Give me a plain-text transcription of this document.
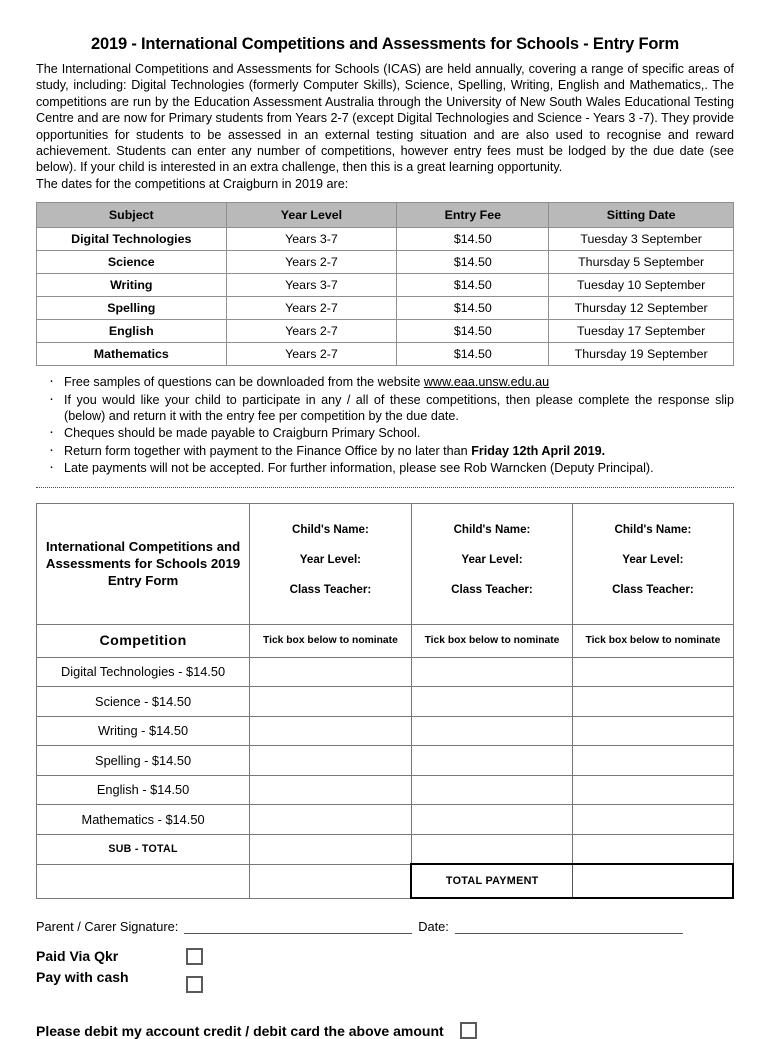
2019 - International Competitions and Assessments for Schools - Entry Form

The International Competitions and Assessments for Schools (ICAS) are held annually, covering a range of specific areas of study, including: Digital Technologies (formerly Computer Skills), Science, Spelling, Writing, English and Mathematics,. The competitions are run by the Education Assessment Australia through the University of New South Wales Educational Testing Centre and are now for Primary students from Years 2-7 (except Digital Technologies and Science - Years 3 -7). They provide opportunities for students to be assessed in an external testing situation and are also used to recognise and reward achievement. Students can enter any number of competitions, however entry fees must be lodged by the due date (see below). If your child is interested in an extra challenge, then this is a great learning opportunity.

The dates for the competitions at Craigburn in 2019 are:

Subject	Year Level	Entry Fee	Sitting Date
Digital Technologies	Years 3-7	$14.50	Tuesday 3 September
Science	Years 2-7	$14.50	Thursday 5 September
Writing	Years 3-7	$14.50	Tuesday 10 September
Spelling	Years 2-7	$14.50	Thursday 12 September
English	Years 2-7	$14.50	Tuesday 17 September
Mathematics	Years 2-7	$14.50	Thursday 19 September
· Free samples of questions can be downloaded from the website www.eaa.unsw.edu.au
· If you would like your child to participate in any / all of these competitions, then please complete the response slip (below) and return it with the entry fee per competition by the due date.
· Cheques should be made payable to Craigburn Primary School.
· Return form together with payment to the Finance Office by no later than Friday 12th April 2019.
· Late payments will not be accepted. For further information, please see Rob Warncken (Deputy Principal).
International Competitions and Assessments for Schools 2019 Entry Form	Child's Name:
Year Level:
Class Teacher:	Child's Name:
Year Level:
Class Teacher:	Child's Name:
Year Level:
Class Teacher:

Competition	Tick box below to nominate	Tick box below to nominate	Tick box below to nominate
Digital Technologies - $14.50			
Science - $14.50			
Writing - $14.50			
Spelling - $14.50			
English - $14.50			
Mathematics - $14.50			
SUB - TOTAL			
		TOTAL PAYMENT	
Parent / Carer Signature:	Date:
Paid Via Qkr
Pay with cash
Please debit my account credit / debit card the above amount
